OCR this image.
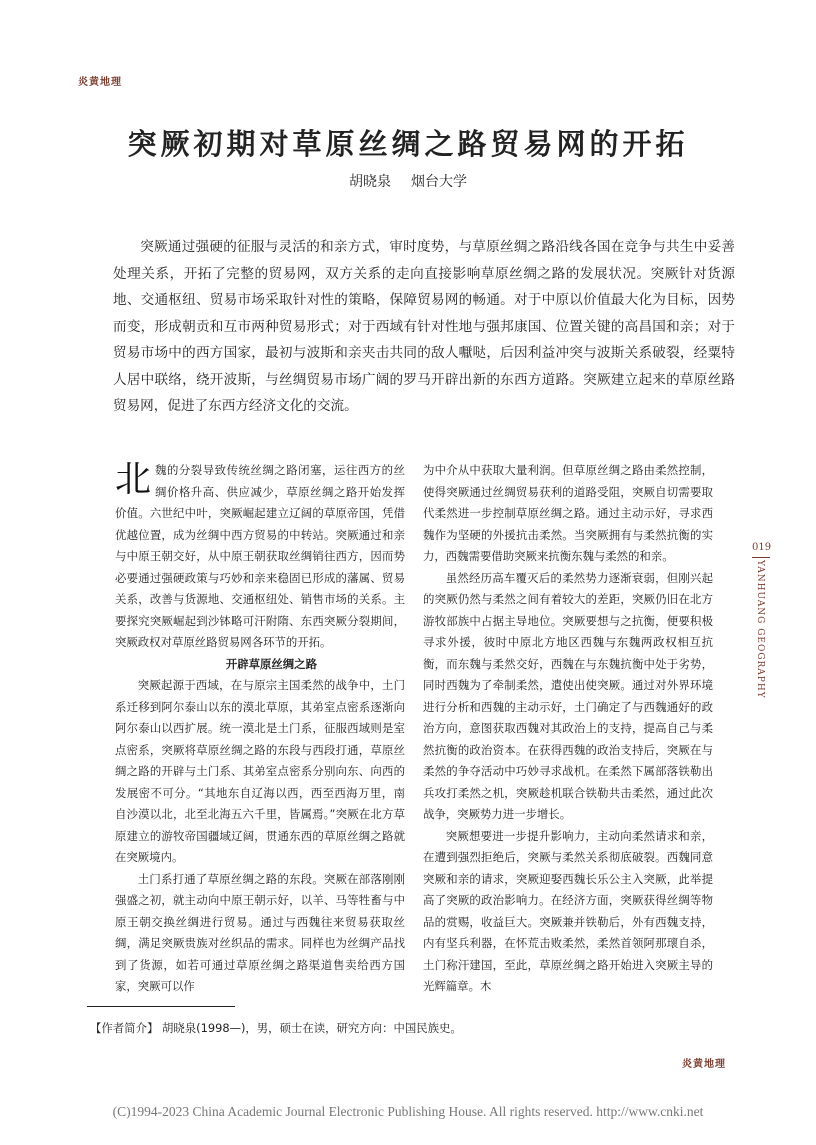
炎黄地理
突厥初期对草原丝绸之路贸易网的开拓
胡晓泉 烟台大学
突厥通过强硬的征服与灵活的和亲方式，审时度势，与草原丝绸之路沿线各国在竞争与共生中妥善处理关系，开拓了完整的贸易网，双方关系的走向直接影响草原丝绸之路的发展状况。突厥针对货源地、交通枢纽、贸易市场采取针对性的策略，保障贸易网的畅通。对于中原以价值最大化为目标，因势而变，形成朝贡和互市两种贸易形式；对于西域有针对性地与强邦康国、位置关键的高昌国和亲；对于贸易市场中的西方国家，最初与波斯和亲夹击共同的敌人嚈哒，后因利益冲突与波斯关系破裂，经粟特人居中联络，绕开波斯，与丝绸贸易市场广阔的罗马开辟出新的东西方道路。突厥建立起来的草原丝路贸易网，促进了东西方经济文化的交流。

北魏的分裂导致传统丝绸之路闭塞，运往西方的丝绸价格升高、供应减少，草原丝绸之路开始发挥价值。六世纪中叶，突厥崛起建立辽阔的草原帝国，凭借优越位置，成为丝绸中西方贸易的中转站。突厥通过和亲与中原王朝交好，从中原王朝获取丝绸销往西方，因而势必要通过强硬政策与巧妙和亲来稳固已形成的藩属、贸易关系，改善与货源地、交通枢纽处、销售市场的关系。主要探究突厥崛起到沙钵略可汗附隋、东西突厥分裂期间，突厥政权对草原丝路贸易网各环节的开拓。

开辟草原丝绸之路

突厥起源于西域，在与原宗主国柔然的战争中，土门系迁移到阿尔泰山以东的漠北草原，其弟室点密系逐渐向阿尔泰山以西扩展。统一漠北是土门系，征服西域则是室点密系，突厥将草原丝绸之路的东段与西段打通，草原丝绸之路的开辟与土门系、其弟室点密系分别向东、向西的发展密不可分。“其地东自辽海以西，西至西海万里，南自沙漠以北，北至北海五六千里，皆属焉。”突厥在北方草原建立的游牧帝国疆域辽阔，贯通东西的草原丝绸之路就在突厥境内。

土门系打通了草原丝绸之路的东段。突厥在部落刚刚强盛之初，就主动向中原王朝示好，以羊、马等牲畜与中原王朝交换丝绸进行贸易。通过与西魏往来贸易获取丝绸，满足突厥贵族对丝织品的需求。同样也为丝绸产品找到了货源，如若可通过草原丝绸之路渠道售卖给西方国家，突厥可以作

为中介从中获取大量利润。但草原丝绸之路由柔然控制，使得突厥通过丝绸贸易获利的道路受阻，突厥自切需要取代柔然进一步控制草原丝绸之路。通过主动示好，寻求西魏作为坚硬的外援抗击柔然。当突厥拥有与柔然抗衡的实力，西魏需要借助突厥来抗衡东魏与柔然的和亲。

虽然经历高车覆灭后的柔然势力逐渐衰弱，但刚兴起的突厥仍然与柔然之间有着较大的差距，突厥仍旧在北方游牧部族中占据主导地位。突厥要想与之抗衡，便要积极寻求外援，彼时中原北方地区西魏与东魏两政权相互抗衡，而东魏与柔然交好，西魏在与东魏抗衡中处于劣势，同时西魏为了牵制柔然，遣使出使突厥。通过对外界环境进行分析和西魏的主动示好，土门确定了与西魏通好的政治方向，意图获取西魏对其政治上的支持，提高自己与柔然抗衡的政治资本。在获得西魏的政治支持后，突厥在与柔然的争夺活动中巧妙寻求战机。在柔然下属部落铁勒出兵攻打柔然之机，突厥趁机联合铁勒共击柔然，通过此次战争，突厥势力进一步增长。

突厥想要进一步提升影响力，主动向柔然请求和亲，在遭到强烈拒绝后，突厥与柔然关系彻底破裂。西魏同意突厥和亲的请求，突厥迎娶西魏长乐公主入突厥，此举提高了突厥的政治影响力。在经济方面，突厥获得丝绸等物品的赏赐，收益巨大。突厥兼并铁勒后，外有西魏支持，内有坚兵利器，在怀荒击败柔然，柔然首领阿那瓌自杀，土门称汗建国，至此，草原丝绸之路开始进入突厥主导的光辉篇章。木

019
YANHUANG GEOGRAPHY
【作者简介】 胡晓泉(1998—)，男，硕士在读，研究方向：中国民族史。
炎黄地理
(C)1994-2023 China Academic Journal Electronic Publishing House. All rights reserved. http://www.cnki.net
